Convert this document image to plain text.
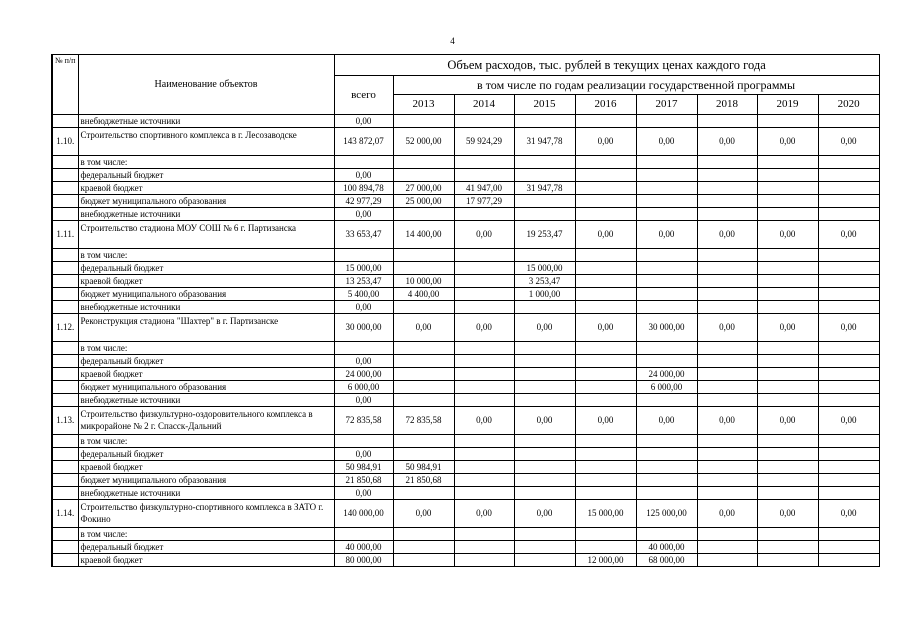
4
№ п/п	Наименование объектов	Объем расходов, тыс. рублей в текущих ценах каждого года								
		всего	в том числе по годам реализации государственной программы							
			2013	2014	2015	2016	2017	2018	2019	2020
	внебюджетные источники	0,00								
1.10.	Строительство спортивного комплекса в г. Лесозаводске	143 872,07	52 000,00	59 924,29	31 947,78	0,00	0,00	0,00	0,00	0,00
	в том числе:									
	федеральный бюджет	0,00								
	краевой бюджет	100 894,78	27 000,00	41 947,00	31 947,78					
	бюджет муниципального образования	42 977,29	25 000,00	17 977,29						
	внебюджетные источники	0,00								
1.11.	Строительство стадиона МОУ СОШ № 6 г. Партизанска	33 653,47	14 400,00	0,00	19 253,47	0,00	0,00	0,00	0,00	0,00
	в том числе:									
	федеральный бюджет	15 000,00			15 000,00					
	краевой бюджет	13 253,47	10 000,00		3 253,47					
	бюджет муниципального образования	5 400,00	4 400,00		1 000,00					
	внебюджетные источники	0,00								
1.12.	Реконструкция стадиона "Шахтер" в г. Партизанске	30 000,00	0,00	0,00	0,00	0,00	30 000,00	0,00	0,00	0,00
	в том числе:									
	федеральный бюджет	0,00								
	краевой бюджет	24 000,00					24 000,00			
	бюджет муниципального образования	6 000,00					6 000,00			
	внебюджетные источники	0,00								
1.13.	Строительство физкультурно-оздоровительного комплекса в микрорайоне № 2 г. Спасск-Дальний	72 835,58	72 835,58	0,00	0,00	0,00	0,00	0,00	0,00	0,00
	в том числе:									
	федеральный бюджет	0,00								
	краевой бюджет	50 984,91	50 984,91							
	бюджет муниципального образования	21 850,68	21 850,68							
	внебюджетные источники	0,00								
1.14.	Строительство физкультурно-спортивного комплекса в ЗАТО г. Фокино	140 000,00	0,00	0,00	0,00	15 000,00	125 000,00	0,00	0,00	0,00
	в том числе:									
	федеральный бюджет	40 000,00					40 000,00			
	краевой бюджет	80 000,00				12 000,00	68 000,00			
